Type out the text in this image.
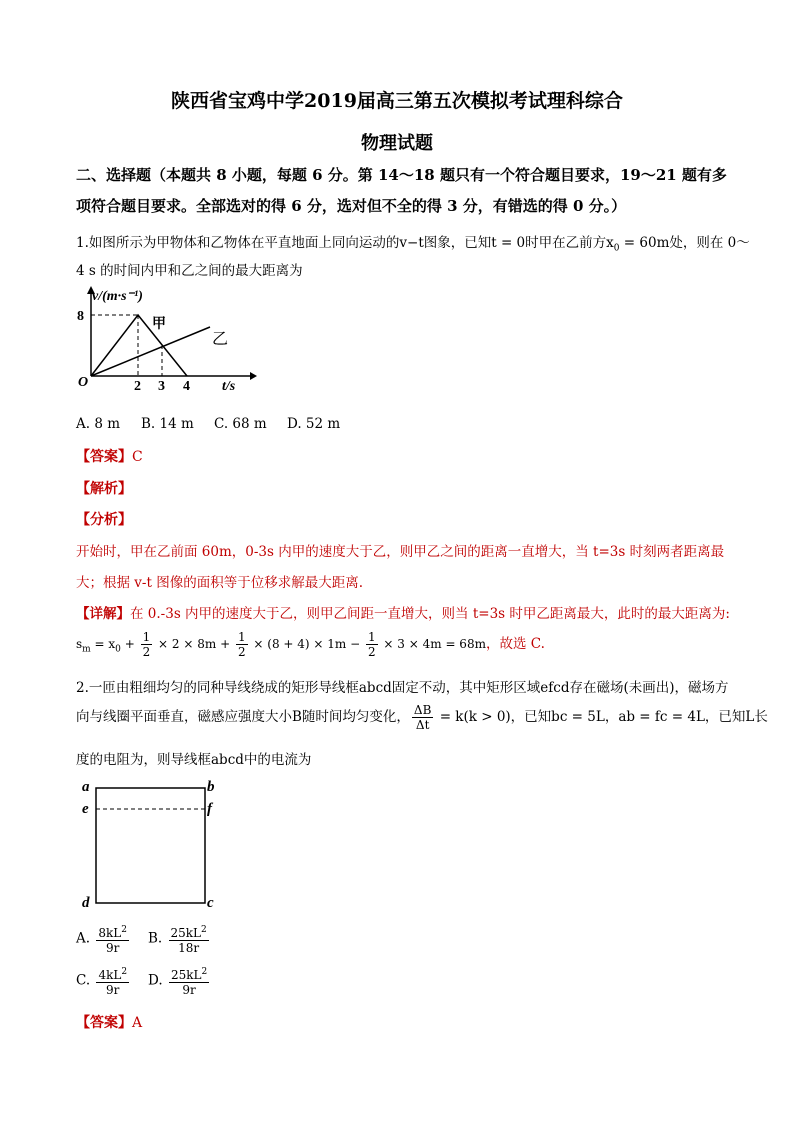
陕西省宝鸡中学2019届高三第五次模拟考试理科综合
物理试题
二、选择题（本题共 8 小题，每题 6 分。第 14～18 题只有一个符合题目要求，19～21 题有多
项符合题目要求。全部选对的得 6 分，选对但不全的得 3 分，有错选的得 0 分。）
1.如图所示为甲物体和乙物体在平直地面上同向运动的v−t图象，已知t = 0时甲在乙前方$x_0 = 60m$处，则在 0～
4 s 的时间内甲和乙之间的最大距离为
v/(m·s⁻¹)
8
O	2 3 4 t/s
甲
乙
A. 8 m B. 14 m C. 68 m D. 52 m
【答案】C
【解析】
【分析】
开始时，甲在乙前面 60m，0-3s 内甲的速度大于乙，则甲乙之间的距离一直增大，当 t=3s 时刻两者距离最
大；根据 v-t 图像的面积等于位移求解最大距离.
【详解】在 0.-3s 内甲的速度大于乙，则甲乙间距一直增大，则当 t=3s 时甲乙距离最大，此时的最大距离为:
$s_m = x_0 + \frac{1}{2} \times 2 \times 8m + \frac{1}{2} \times (8 + 4) \times 1m - \frac{1}{2} \times 3 \times 4m = 68m$，故选 C.
2.一匝由粗细均匀的同种导线绕成的矩形导线框abcd固定不动，其中矩形区域efcd存在磁场(未画出)，磁场方
向与线圈平面垂直，磁感应强度大小B随时间均匀变化， $\frac{\Delta B}{\Delta t} = k(k > 0)$，已知bc = 5L，ab = fc = 4L，已知L长
度的电阻为，则导线框abcd中的电流为
a	b
e	f
d	c
A. $\frac{8kL^2}{9r} B$. $\frac{25kL^2}{18r}$
C. $\frac{4kL^2}{9r} D$. $\frac{25kL^2}{9r}$
【答案】A
